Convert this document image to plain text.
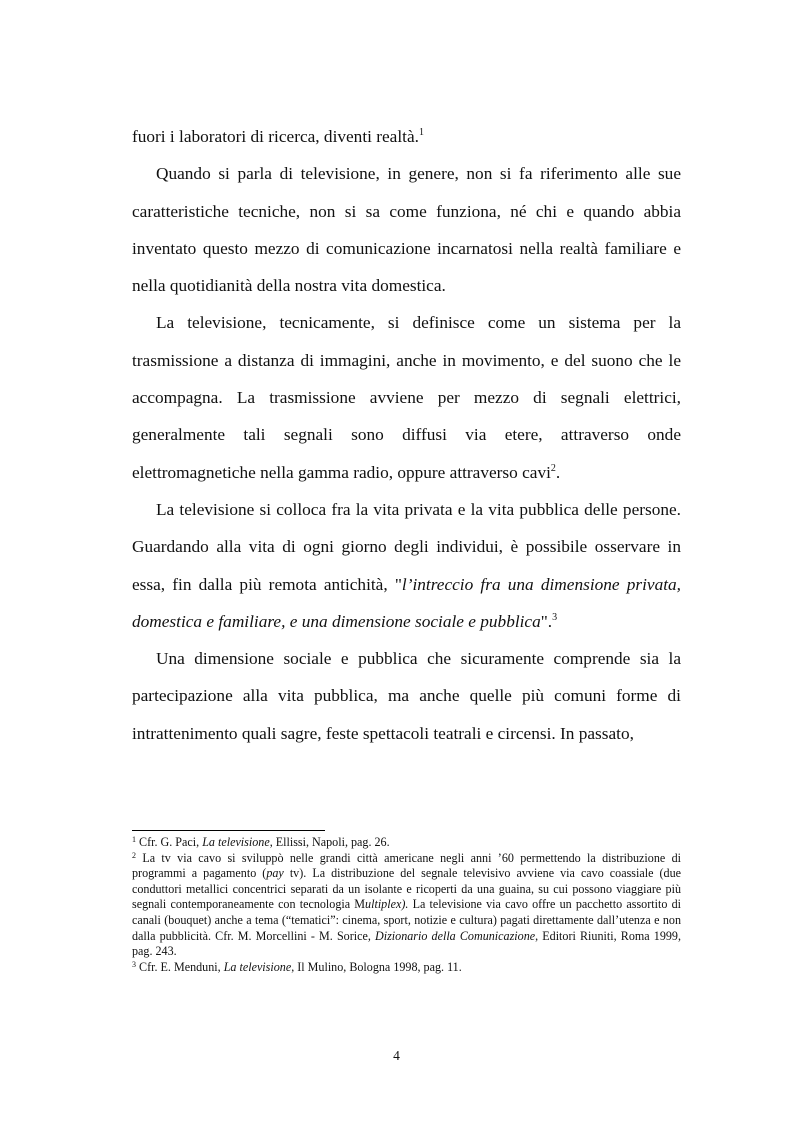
fuori i laboratori di ricerca, diventi realtà.$^1$

Quando si parla di televisione, in genere, non si fa riferimento alle sue caratteristiche tecniche, non si sa come funziona, né chi e quando abbia inventato questo mezzo di comunicazione incarnatosi nella realtà familiare e nella quotidianità della nostra vita domestica.

La televisione, tecnicamente, si definisce come un sistema per la trasmissione a distanza di immagini, anche in movimento, e del suono che le accompagna. La trasmissione avviene per mezzo di segnali elettrici, generalmente tali segnali sono diffusi via etere, attraverso onde elettromagnetiche nella gamma radio, oppure attraverso cavi$^2$.

La televisione si colloca fra la vita privata e la vita pubblica delle persone. Guardando alla vita di ogni giorno degli individui, è possibile osservare in essa, fin dalla più remota antichità, "l’intreccio fra una dimensione privata, domestica e familiare, e una dimensione sociale e pubblica".$^3$

Una dimensione sociale e pubblica che sicuramente comprende sia la partecipazione alla vita pubblica, ma anche quelle più comuni forme di intrattenimento quali sagre, feste spettacoli teatrali e circensi. In passato,

$^1$ Cfr. G. Paci, La televisione, Ellissi, Napoli, pag. 26.

$^2$ La tv via cavo si sviluppò nelle grandi città americane negli anni ’60 permettendo la distribuzione di programmi a pagamento (pay tv). La distribuzione del segnale televisivo avviene via cavo coassiale (due conduttori metallici concentrici separati da un isolante e ricoperti da una guaina, su cui possono viaggiare più segnali contemporaneamente con tecnologia Multiplex). La televisione via cavo offre un pacchetto assortito di canali (bouquet) anche a tema (“tematici”: cinema, sport, notizie e cultura) pagati direttamente dall’utenza e non dalla pubblicità. Cfr. M. Morcellini - M. Sorice, Dizionario della Comunicazione, Editori Riuniti, Roma 1999, pag. 243.

$^3$ Cfr. E. Menduni, La televisione, Il Mulino, Bologna 1998, pag. 11.

4
